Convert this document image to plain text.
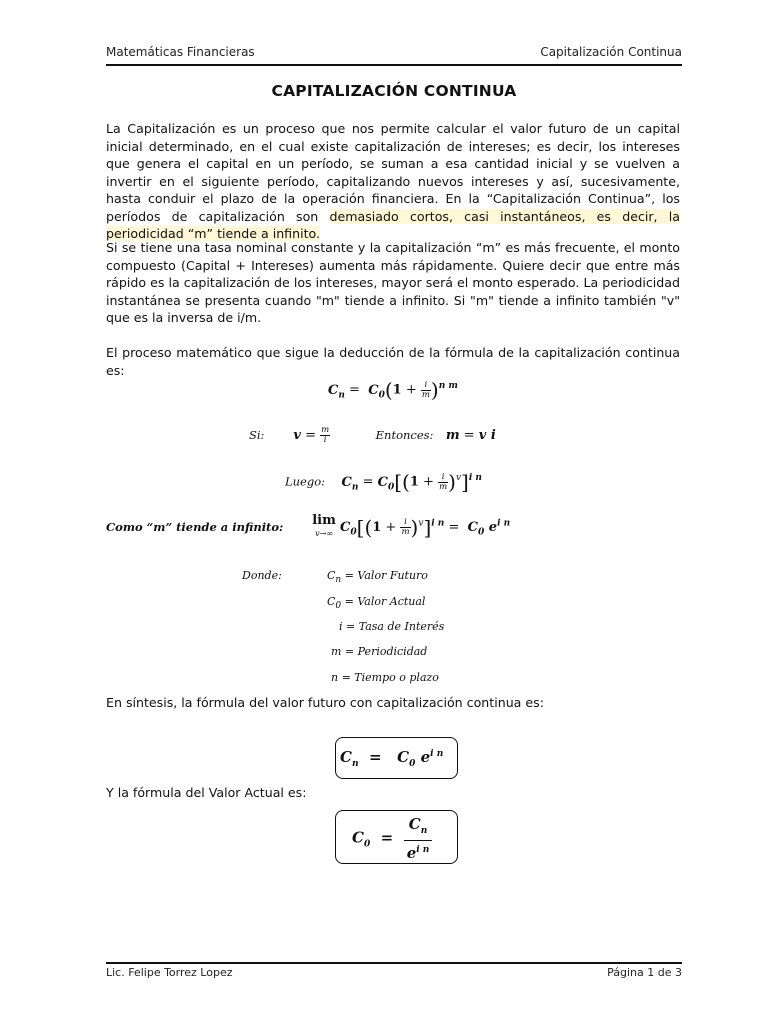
Matemáticas Financieras	Capitalización Continua
CAPITALIZACIÓN CONTINUA
La Capitalización es un proceso que nos permite calcular el valor futuro de un capital inicial determinado, en el cual existe capitalización de intereses; es decir, los intereses que genera el capital en un período, se suman a esa cantidad inicial y se vuelven a invertir en el siguiente período, capitalizando nuevos intereses y así, sucesivamente, hasta conduir el plazo de la operación financiera. En la “Capitalización Continua”, los períodos de capitalización son demasiado cortos, casi instantáneos, es decir, la periodicidad “m” tiende a infinito.
Si se tiene una tasa nominal constante y la capitalización “m” es más frecuente, el monto compuesto (Capital + Intereses) aumenta más rápidamente. Quiere decir que entre más rápido es la capitalización de los intereses, mayor será el monto esperado. La periodicidad instantánea se presenta cuando "m" tiende a infinito. Si "m" tiende a infinito también "v" que es la inversa de i/m.
El proceso matemático que sigue la deducción de la fórmula de la capitalización continua es:
$C_n = C_0(1 + \frac{i}{m} )^{n m}$
Si: $v = \frac{m}{i}$	Entonces: m = v i
Luego: $C_n = C_0[(1 + \frac{i}{m} )^v]^{i n}$
Como “m” tiende a infinito: lim
v→∞ $C_0[(1 + \frac{i}{m} )^v]^{i n} = C_0$ $e^{i n}$
Donde:	$C_n$ = Valor Futuro
$C_0$ = Valor Actual
i = Tasa de Interés
m = Periodicidad
n = Tiempo o plazo
En síntesis, la fórmula del valor futuro con capitalización continua es:
$C_n = C_0$ $e^{i n}$
Y la fórmula del Valor Actual es:
$C_0 = \frac{C_n}{e^{i n}}$
Lic. Felipe Torrez Lopez	Página 1 de 3
